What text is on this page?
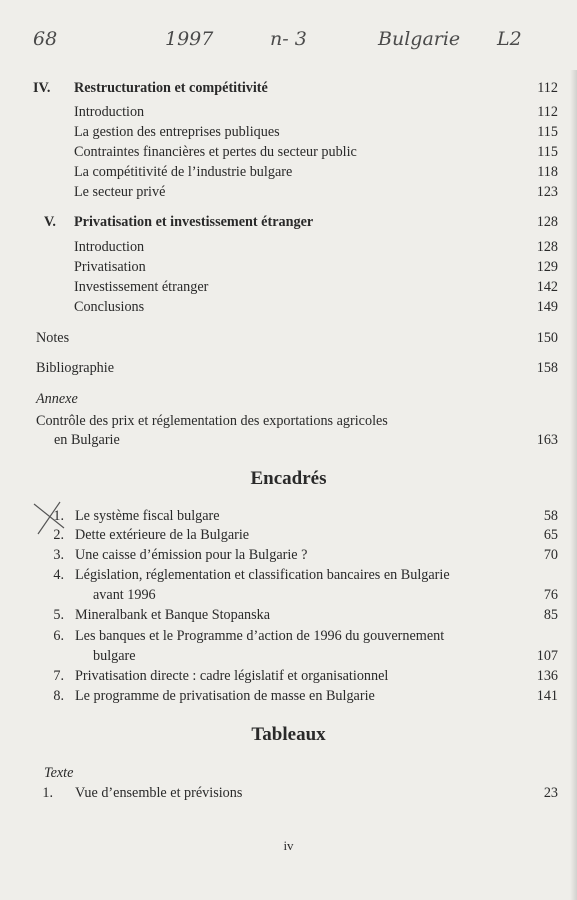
68	1997	n- 3	Bulgarie L2
IV. Restructuration et compétitivité	112
Introduction	112
La gestion des entreprises publiques	115
Contraintes financières et pertes du secteur public	115
La compétitivité de l’industrie bulgare	118
Le secteur privé	123
V. Privatisation et investissement étranger	128
Introduction	128
Privatisation	129
Investissement étranger	142
Conclusions	149
Notes	150
Bibliographie	158
Annexe
Contrôle des prix et réglementation des exportations agricoles
en Bulgarie	163
Encadrés
1. Le système fiscal bulgare	58
2. Dette extérieure de la Bulgarie	65
3. Une caisse d’émission pour la Bulgarie ?	70
4. Législation, réglementation et classification bancaires en Bulgarie
avant 1996	76
5. Mineralbank et Banque Stopanska	85
6. Les banques et le Programme d’action de 1996 du gouvernement
bulgare	107
7. Privatisation directe : cadre législatif et organisationnel	136
8. Le programme de privatisation de masse en Bulgarie	141
Tableaux
Texte
1. Vue d’ensemble et prévisions	23
iv
